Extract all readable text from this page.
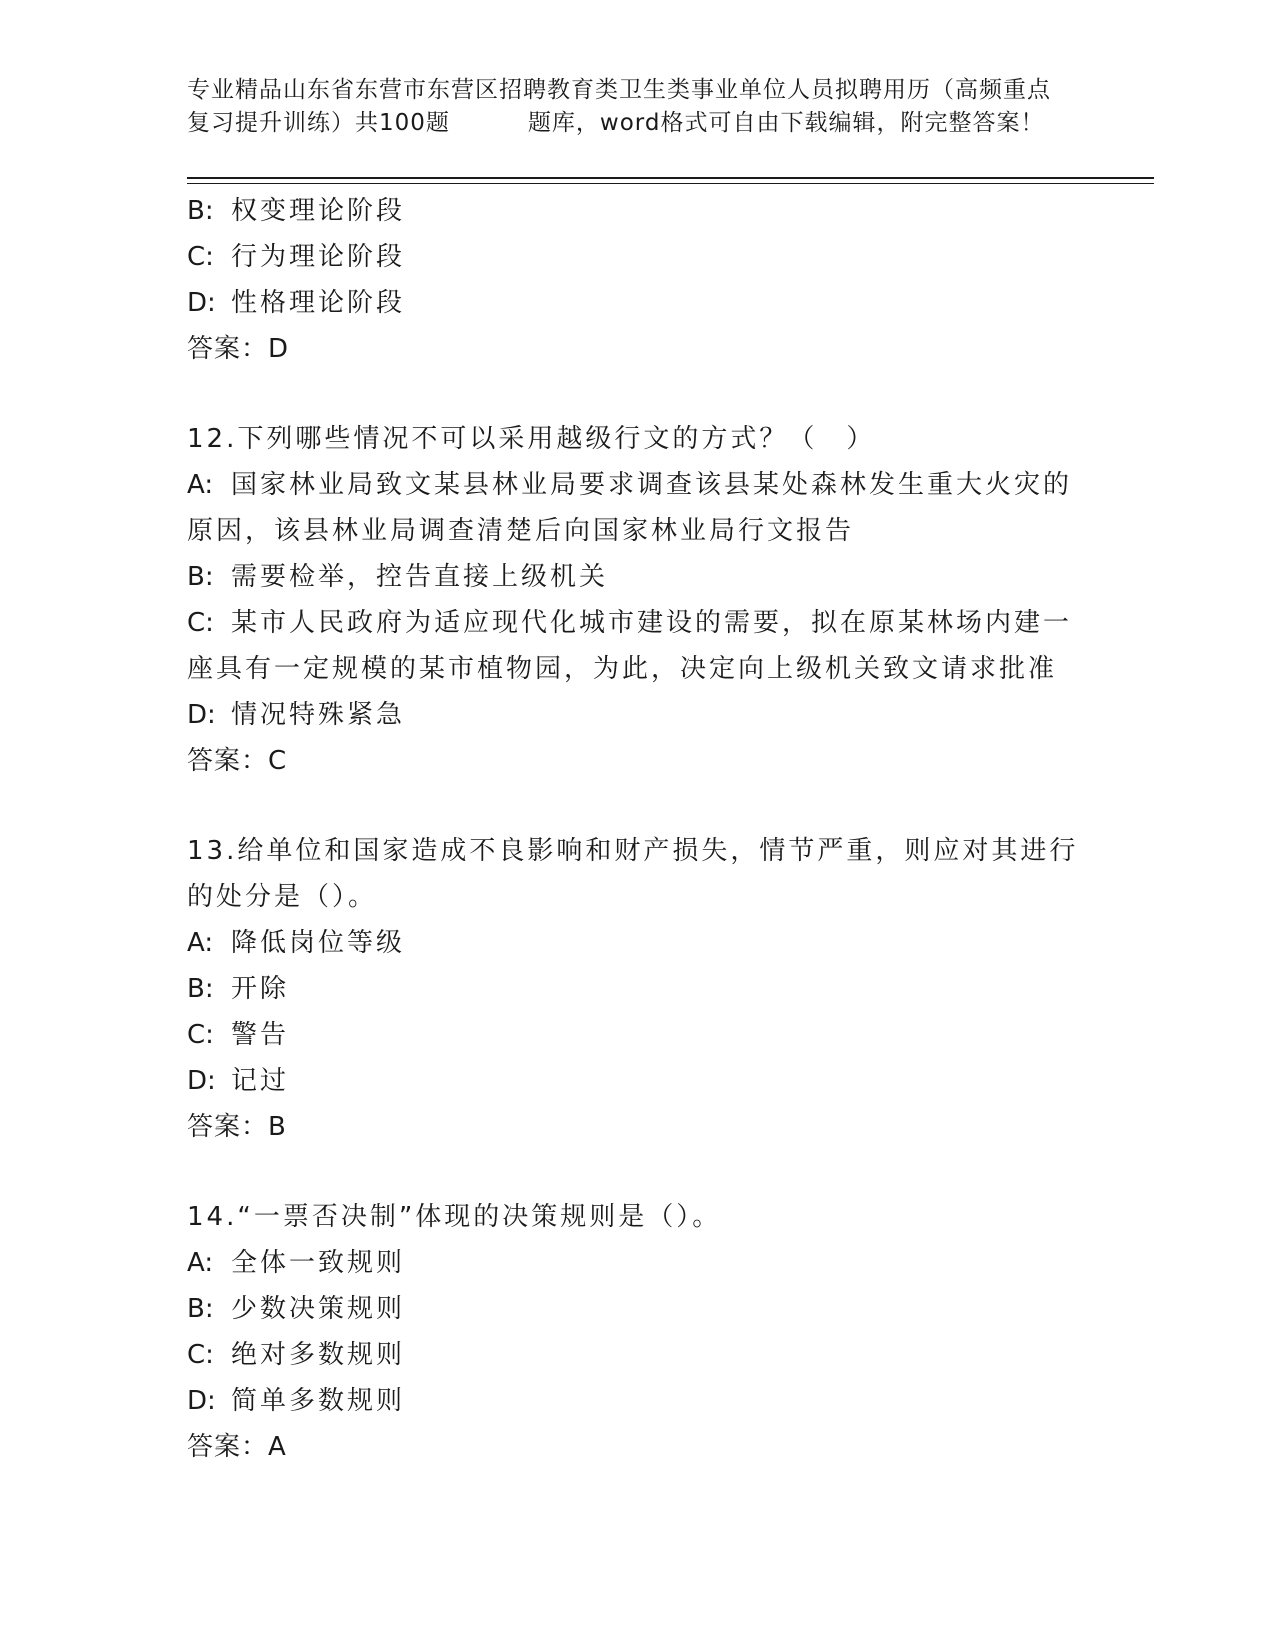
专业精品山东省东营市东营区招聘教育类卫生类事业单位人员拟聘用历（高频重点
复习提升训练）共100题	题库，word格式可自由下载编辑，附完整答案！
B: 权变理论阶段
C: 行为理论阶段
D: 性格理论阶段
答案：D
12.下列哪些情况不可以采用越级行文的方式？（　）
A: 国家林业局致文某县林业局要求调查该县某处森林发生重大火灾的
原因，该县林业局调查清楚后向国家林业局行文报告
B: 需要检举，控告直接上级机关
C: 某市人民政府为适应现代化城市建设的需要，拟在原某林场内建一
座具有一定规模的某市植物园，为此，决定向上级机关致文请求批准
D: 情况特殊紧急
答案：C
13.给单位和国家造成不良影响和财产损失，情节严重，则应对其进行
的处分是（）。
A: 降低岗位等级
B: 开除
C: 警告
D: 记过
答案：B
14.“一票否决制”体现的决策规则是（）。
A: 全体一致规则
B: 少数决策规则
C: 绝对多数规则
D: 简单多数规则
答案：A
